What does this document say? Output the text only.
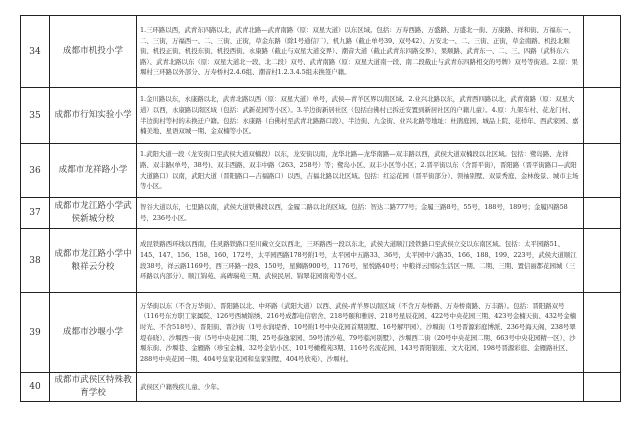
34	成都市机投小学	1.三环路以西，武青东四路以北，武青北路—武青南路（原：双星大道）以东区域。包括：万寿西路、万盛路、万盛北一街、万康路、祥和街、万福东一、二、三街，万福西一、二、三街、正街，草金东路（除1号通信厂）、机九路（截止单号39、双号42）、万安北一、二、三街、正街，草金南路、机投北顺街、机投正街、机投东街、机投西街、永康路（截止与双星大道交界）、潮音大道（截止武青东四路交界）、果顺路、武青东一、二、三、四路（武科东六路）、武青北路以东（原：双星大道北一段、北二段）双号、武青南路（原：双星大道南一段、南二段截止与武青东四路相交的号牌）双号等街道。2.原：果堰村三环路以外部分、万寿桥村2.4.6组、潮音村1.2.3.4.5组未换签户籍。	
35	成都市行知实验小学	1.金川路以东，永康路以北，武青北路以西（原：双星大道）单号，武侯—青羊区界以南区域。2.业兴北路以东，武青西四路以北，武青南路（原：双星大道）以西，永康路以南区域（包括：武新花园等小区）。3.半边街新居社区（包括白佛村已拆迁安置到新居社区的户籍儿童）。4.原：九架车村、花龙门村、半边街村等村的未换迁户籍。包括：永康路（白佛村至武青北路路口段）、半边街、九金街、业兴北路等地址：杜鹃庭园、城品上院、花样年、西武家园、嘉楠美地、星语双城一期、金双楠等小区。	
36	成都市龙祥路小学	1.武阳大道一段（龙安街口至武侯大道双楠段）以东，龙安街以南，龙华北路—龙华南路—双丰路以西，武侯大道双楠段以北区域。包括：鹭岛路、龙祥路、双丰路(单号，38号)、双丰西路、双丰中路（263、258号）等；鹭岛小区、双丰小区等小区；2.晋平街以东（含晋平街），晋阳路（晋平街路口—武阳大道路口）以南，武阳大道（晋阳路口—吉福路口）以西，吉福北路以北区域。包括：红运花园（晋平街部分）、领袖别墅、双景秀庭、金林俊景、城市主场等小区。	
37	成都市龙江路小学武侯新城分校	智谷大道以东，七里路以南，武侯大道铁佛段以西，金履二路以北的区域。包括：智达二路777号；金履三路8号，55号，188号，189号；金履四路58号，236号小区。	
38	成都市龙江路小学中粮祥云分校	成昆铁路西环线以西南，佳灵路铁路口至川藏立交以西北，三环路西一段以东北，武侯大道顺江段铁路口至武侯立交以东南区域。包括：太平园路51、145、147、156、158、160、172号，太平园西路178号附1号，太平园中五路33、36号，太平园中六路35、166、188、199、223号，武侯大道顺江段38号，祥云路1169号，西三环路一段8、150号，星狮路900号，1176号，星悦路40号；中粮祥云国际生活区一期、二期、三期、置信丽都花园城（三环路以内部分）、顺江锦苑、高碑瑞苑三期、武侯民居、锦翠花园南苑等小区。	
39	成都市沙堰小学	万华街以东（不含万华街）、晋阳路以北、中环路（武阳大道）以西、武侯-青羊界以南区域（不含万寿桥路、万寿桥南路、万丰路）。包括：晋阳路双号（116号东方职工家属院、126号西城锦绣、216号成都电信宿舍、218号颐和雅居、218号星辰花园、422号中央花园三期、423号金楠天街、432号金楠时光、不含518号）、晋阳街、晋沙街（1号水润堤香、10号附1号中央花园首期别墅、16号解甲园）、沙堰街（1号晋源彩庭博派、236号海天阁、238号翠堤春晓）、沙堰西一街（5号中央花园二期、25号泰逸家园、59号清沙苑、79号临河别墅）、沙堰西二街（20号中央花园二期、663号中央花园精一区）、沙堰东街、沙堰巷、金雁路（珍宝金楠、32号金钻小区、101号橄榄苑3期、116号名流花园、143号晋阳银座、文大花园、198号晋源彩庭、金雁路社区、288号中央花园一期、404号皇家花园和皇家别墅、404号欣苑）、沙堰村。	
40	成都市武侯区特殊教育学校	武侯区户籍残疾儿童、少年。	
